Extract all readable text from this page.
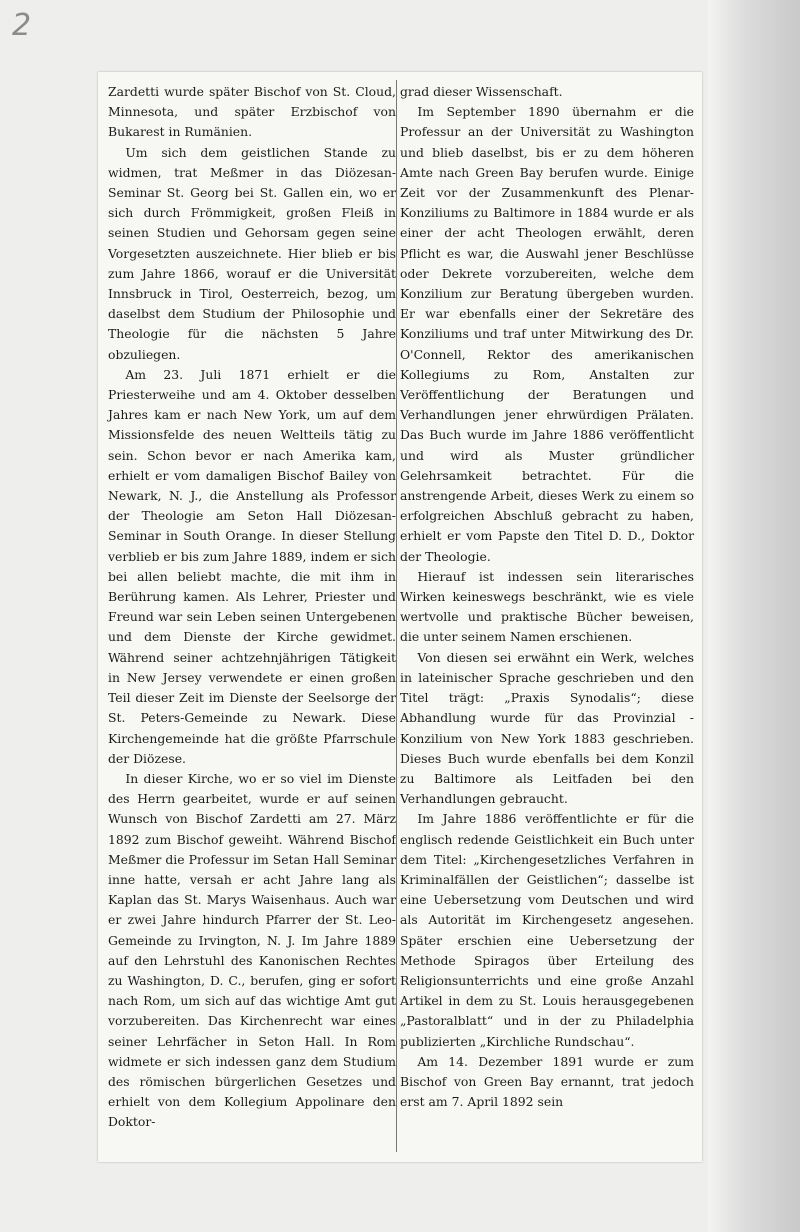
2

Zardetti wurde später Bischof von St. Cloud, Minnesota, und später Erzbischof von Bukarest in Rumänien.

Um sich dem geistlichen Stande zu widmen, trat Meßmer in das Diözesan-Seminar St. Georg bei St. Gallen ein, wo er sich durch Frömmigkeit, großen Fleiß in seinen Studien und Gehorsam gegen seine Vorgesetzten auszeichnete. Hier blieb er bis zum Jahre 1866, worauf er die Universität Innsbruck in Tirol, Oesterreich, bezog, um daselbst dem Studium der Philosophie und Theologie für die nächsten 5 Jahre obzuliegen.

Am 23. Juli 1871 erhielt er die Priesterweihe und am 4. Oktober desselben Jahres kam er nach New York, um auf dem Missionsfelde des neuen Weltteils tätig zu sein. Schon bevor er nach Amerika kam, erhielt er vom damaligen Bischof Bailey von Newark, N. J., die Anstellung als Professor der Theologie am Seton Hall Diözesan-Seminar in South Orange. In dieser Stellung verblieb er bis zum Jahre 1889, indem er sich bei allen beliebt machte, die mit ihm in Berührung kamen. Als Lehrer, Priester und Freund war sein Leben seinen Untergebenen und dem Dienste der Kirche gewidmet. Während seiner achtzehnjährigen Tätigkeit in New Jersey verwendete er einen großen Teil dieser Zeit im Dienste der Seelsorge der St. Peters-Gemeinde zu Newark. Diese Kirchengemeinde hat die größte Pfarrschule der Diözese.

In dieser Kirche, wo er so viel im Dienste des Herrn gearbeitet, wurde er auf seinen Wunsch von Bischof Zardetti am 27. März 1892 zum Bischof geweiht. Während Bischof Meßmer die Professur im Setan Hall Seminar inne hatte, versah er acht Jahre lang als Kaplan das St. Marys Waisenhaus. Auch war er zwei Jahre hindurch Pfarrer der St. Leo-Gemeinde zu Irvington, N. J. Im Jahre 1889 auf den Lehrstuhl des Kanonischen Rechtes zu Washington, D. C., berufen, ging er sofort nach Rom, um sich auf das wichtige Amt gut vorzubereiten. Das Kirchenrecht war eines seiner Lehrfächer in Seton Hall. In Rom widmete er sich indessen ganz dem Studium des römischen bürgerlichen Gesetzes und erhielt von dem Kollegium Appolinare den Doktor-

grad dieser Wissenschaft.

Im September 1890 übernahm er die Professur an der Universität zu Washington und blieb daselbst, bis er zu dem höheren Amte nach Green Bay berufen wurde. Einige Zeit vor der Zusammenkunft des Plenar-Konziliums zu Baltimore in 1884 wurde er als einer der acht Theologen erwählt, deren Pflicht es war, die Auswahl jener Beschlüsse oder Dekrete vorzubereiten, welche dem Konzilium zur Beratung übergeben wurden. Er war ebenfalls einer der Sekretäre des Konziliums und traf unter Mitwirkung des Dr. O'Connell, Rektor des amerikanischen Kollegiums zu Rom, Anstalten zur Veröffentlichung der Beratungen und Verhandlungen jener ehrwürdigen Prälaten. Das Buch wurde im Jahre 1886 veröffentlicht und wird als Muster gründlicher Gelehrsamkeit betrachtet. Für die anstrengende Arbeit, dieses Werk zu einem so erfolgreichen Abschluß gebracht zu haben, erhielt er vom Papste den Titel D. D., Doktor der Theologie.

Hierauf ist indessen sein literarisches Wirken keineswegs beschränkt, wie es viele wertvolle und praktische Bücher beweisen, die unter seinem Namen erschienen.

Von diesen sei erwähnt ein Werk, welches in lateinischer Sprache geschrieben und den Titel trägt: „Praxis Synodalis“; diese Abhandlung wurde für das Provinzial - Konzilium von New York 1883 geschrieben. Dieses Buch wurde ebenfalls bei dem Konzil zu Baltimore als Leitfaden bei den Verhandlungen gebraucht.

Im Jahre 1886 veröffentlichte er für die englisch redende Geistlichkeit ein Buch unter dem Titel: „Kirchengesetzliches Verfahren in Kriminalfällen der Geistlichen“; dasselbe ist eine Uebersetzung vom Deutschen und wird als Autorität im Kirchengesetz angesehen. Später erschien eine Uebersetzung der Methode Spiragos über Erteilung des Religionsunterrichts und eine große Anzahl Artikel in dem zu St. Louis herausgegebenen „Pastoralblatt“ und in der zu Philadelphia publizierten „Kirchliche Rundschau“.

Am 14. Dezember 1891 wurde er zum Bischof von Green Bay ernannt, trat jedoch erst am 7. April 1892 sein
